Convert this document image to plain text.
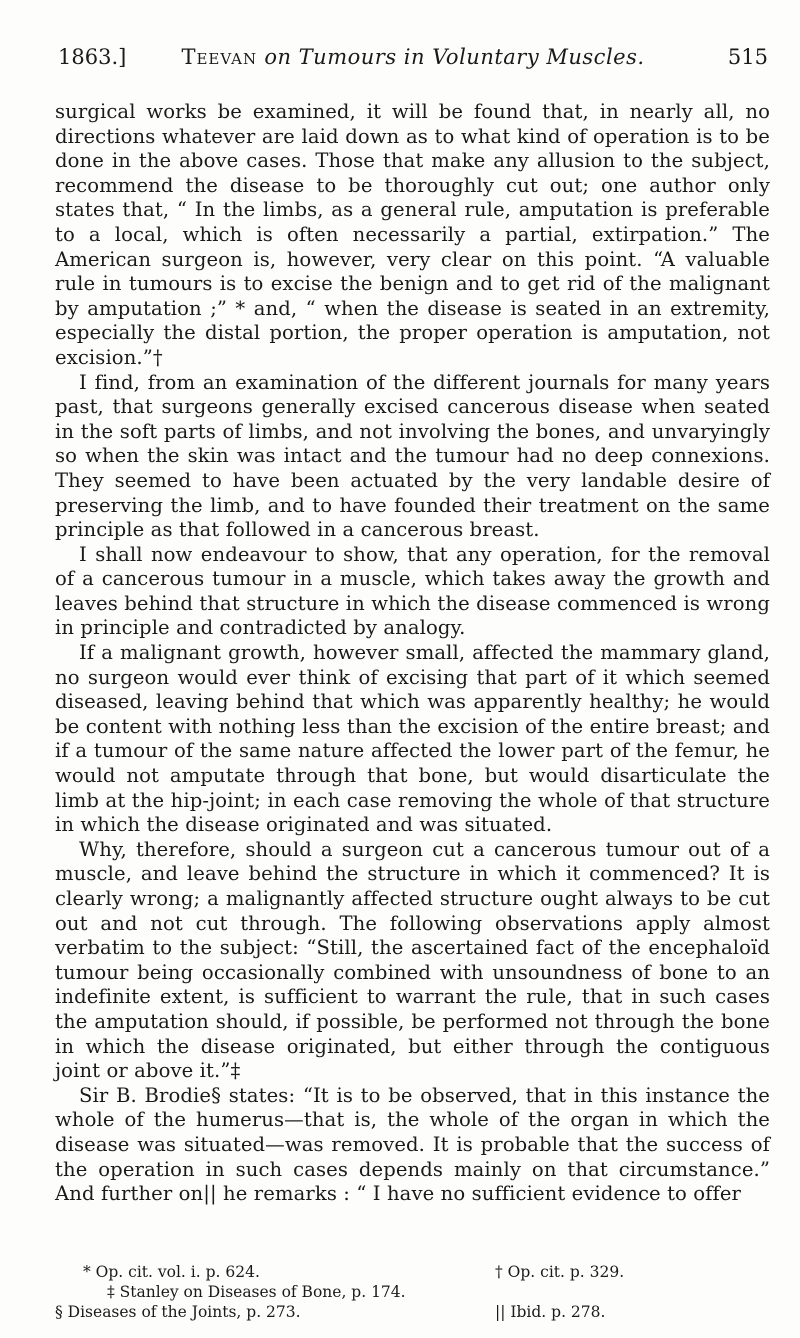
1863.]	Teevan on Tumours in Voluntary Muscles.	515

surgical works be examined, it will be found that, in nearly all, no directions whatever are laid down as to what kind of operation is to be done in the above cases. Those that make any allusion to the subject, recommend the disease to be thoroughly cut out; one author only states that, “ In the limbs, as a general rule, amputation is preferable to a local, which is often necessarily a partial, extirpation.” The American surgeon is, however, very clear on this point. “A valuable rule in tumours is to excise the benign and to get rid of the malignant by amputation ;” * and, “ when the disease is seated in an extremity, especially the distal portion, the proper operation is amputation, not excision.”†

I find, from an examination of the different journals for many years past, that surgeons generally excised cancerous disease when seated in the soft parts of limbs, and not involving the bones, and unvaryingly so when the skin was intact and the tumour had no deep connexions. They seemed to have been actuated by the very landable desire of preserving the limb, and to have founded their treatment on the same principle as that followed in a cancerous breast.

I shall now endeavour to show, that any operation, for the removal of a cancerous tumour in a muscle, which takes away the growth and leaves behind that structure in which the disease commenced is wrong in principle and contradicted by analogy.

If a malignant growth, however small, affected the mammary gland, no surgeon would ever think of excising that part of it which seemed diseased, leaving behind that which was apparently healthy; he would be content with nothing less than the excision of the entire breast; and if a tumour of the same nature affected the lower part of the femur, he would not amputate through that bone, but would disarticulate the limb at the hip-joint; in each case removing the whole of that structure in which the disease originated and was situated.

Why, therefore, should a surgeon cut a cancerous tumour out of a muscle, and leave behind the structure in which it commenced? It is clearly wrong; a malignantly affected structure ought always to be cut out and not cut through. The following observations apply almost verbatim to the subject: “Still, the ascertained fact of the encephaloïd tumour being occasionally combined with unsoundness of bone to an indefinite extent, is sufficient to warrant the rule, that in such cases the amputation should, if possible, be performed not through the bone in which the disease originated, but either through the contiguous joint or above it.”‡

Sir B. Brodie§ states: “It is to be observed, that in this instance the whole of the humerus—that is, the whole of the organ in which the disease was situated—was removed. It is probable that the success of the operation in such cases depends mainly on that circumstance.” And further on|| he remarks : “ I have no sufficient evidence to offer

* Op. cit. vol. i. p. 624.	† Op. cit. p. 329.
‡ Stanley on Diseases of Bone, p. 174.
§ Diseases of the Joints, p. 273.	|| Ibid. p. 278.
